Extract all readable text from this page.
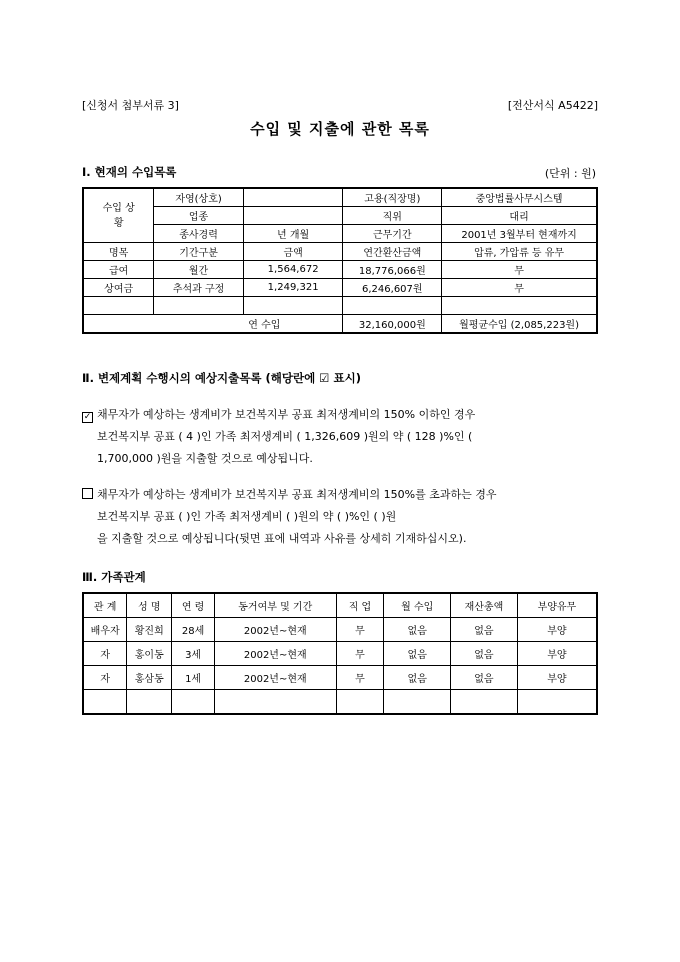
[신청서 첨부서류 3]	[전산서식 A5422]
수입 및 지출에 관한 목록
Ⅰ. 현재의 수입목록	(단위 : 원)
수입 상황	자영(상호)		고용(직장명)	중앙법률사무시스템
	업종		직위	대리
	종사경력	년 개월	근무기간	2001년 3월부터 현재까지
명목	기간구분	금액	연간환산금액	압류, 가압류 등 유무
급여	월간	1,564,672	18,776,066원	무
상여금	추석과 구정	1,249,321	6,246,607원	무

연 수입			32,160,000원	월평균수입 (2,085,223원)
Ⅱ. 변제계획 수행시의 예상지출목록 (해당란에 ☑ 표시)
✓ 채무자가 예상하는 생계비가 보건복지부 공표 최저생계비의 150% 이하인 경우
보건복지부 공표 ( 4 )인 가족 최저생계비 ( 1,326,609 )원의 약 ( 128 )%인 (
1,700,000 )원을 지출할 것으로 예상됩니다.
채무자가 예상하는 생계비가 보건복지부 공표 최저생계비의 150%를 초과하는 경우
보건복지부 공표 ( )인 가족 최저생계비 ( )원의 약 ( )%인 ( )원
을 지출할 것으로 예상됩니다(뒷면 표에 내역과 사유를 상세히 기재하십시오).
Ⅲ. 가족관계
관 계	성 명	연 령	동거여부 및 기간	직 업	월 수입	재산총액	부양유무
배우자	황진희	28세	2002년~현재	무	없음	없음	부양
자	홍이동	3세	2002년~현재	무	없음	없음	부양
자	홍삼동	1세	2002년~현재	무	없음	없음	부양
